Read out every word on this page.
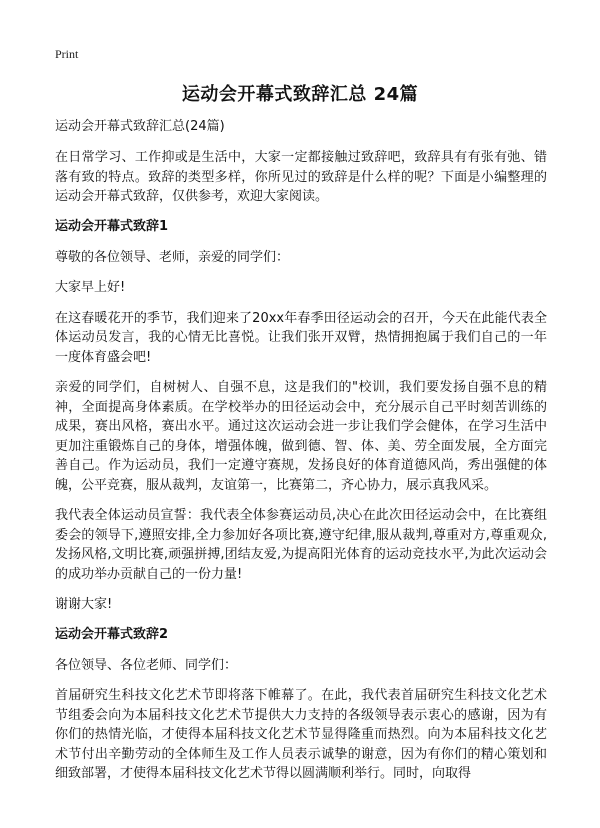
Print
运动会开幕式致辞汇总 24篇
运动会开幕式致辞汇总(24篇)

在日常学习、工作抑或是生活中，大家一定都接触过致辞吧，致辞具有有张有弛、错落有致的特点。致辞的类型多样，你所见过的致辞是什么样的呢？下面是小编整理的运动会开幕式致辞，仅供参考，欢迎大家阅读。

运动会开幕式致辞1

尊敬的各位领导、老师，亲爱的同学们：

大家早上好!

在这春暖花开的季节，我们迎来了20xx年春季田径运动会的召开，今天在此能代表全体运动员发言，我的心情无比喜悦。让我们张开双臂，热情拥抱属于我们自己的一年一度体育盛会吧!

亲爱的同学们，自树树人、自强不息，这是我们的"校训，我们要发扬自强不息的精神，全面提高身体素质。在学校举办的田径运动会中，充分展示自己平时刻苦训练的成果，赛出风格，赛出水平。通过这次运动会进一步让我们学会健体，在学习生活中更加注重锻炼自己的身体，增强体魄，做到德、智、体、美、劳全面发展，全方面完善自己。作为运动员，我们一定遵守赛规，发扬良好的体育道德风尚，秀出强健的体魄，公平竞赛，服从裁判，友谊第一，比赛第二，齐心协力，展示真我风采。

我代表全体运动员宣誓：我代表全体参赛运动员,决心在此次田径运动会中，在比赛组委会的领导下,遵照安排,全力参加好各项比赛,遵守纪律,服从裁判,尊重对方,尊重观众,发扬风格,文明比赛,顽强拼搏,团结友爱,为提高阳光体育的运动竞技水平,为此次运动会的成功举办贡献自己的一份力量!

谢谢大家!

运动会开幕式致辞2

各位领导、各位老师、同学们：

首届研究生科技文化艺术节即将落下帷幕了。在此，我代表首届研究生科技文化艺术节组委会向为本届科技文化艺术节提供大力支持的各级领导表示衷心的感谢，因为有你们的热情光临，才使得本届科技文化艺术节显得隆重而热烈。向为本届科技文化艺术节付出辛勤劳动的全体师生及工作人员表示诚挚的谢意，因为有你们的精心策划和细致部署，才使得本届科技文化艺术节得以圆满顺利举行。同时，向取得
